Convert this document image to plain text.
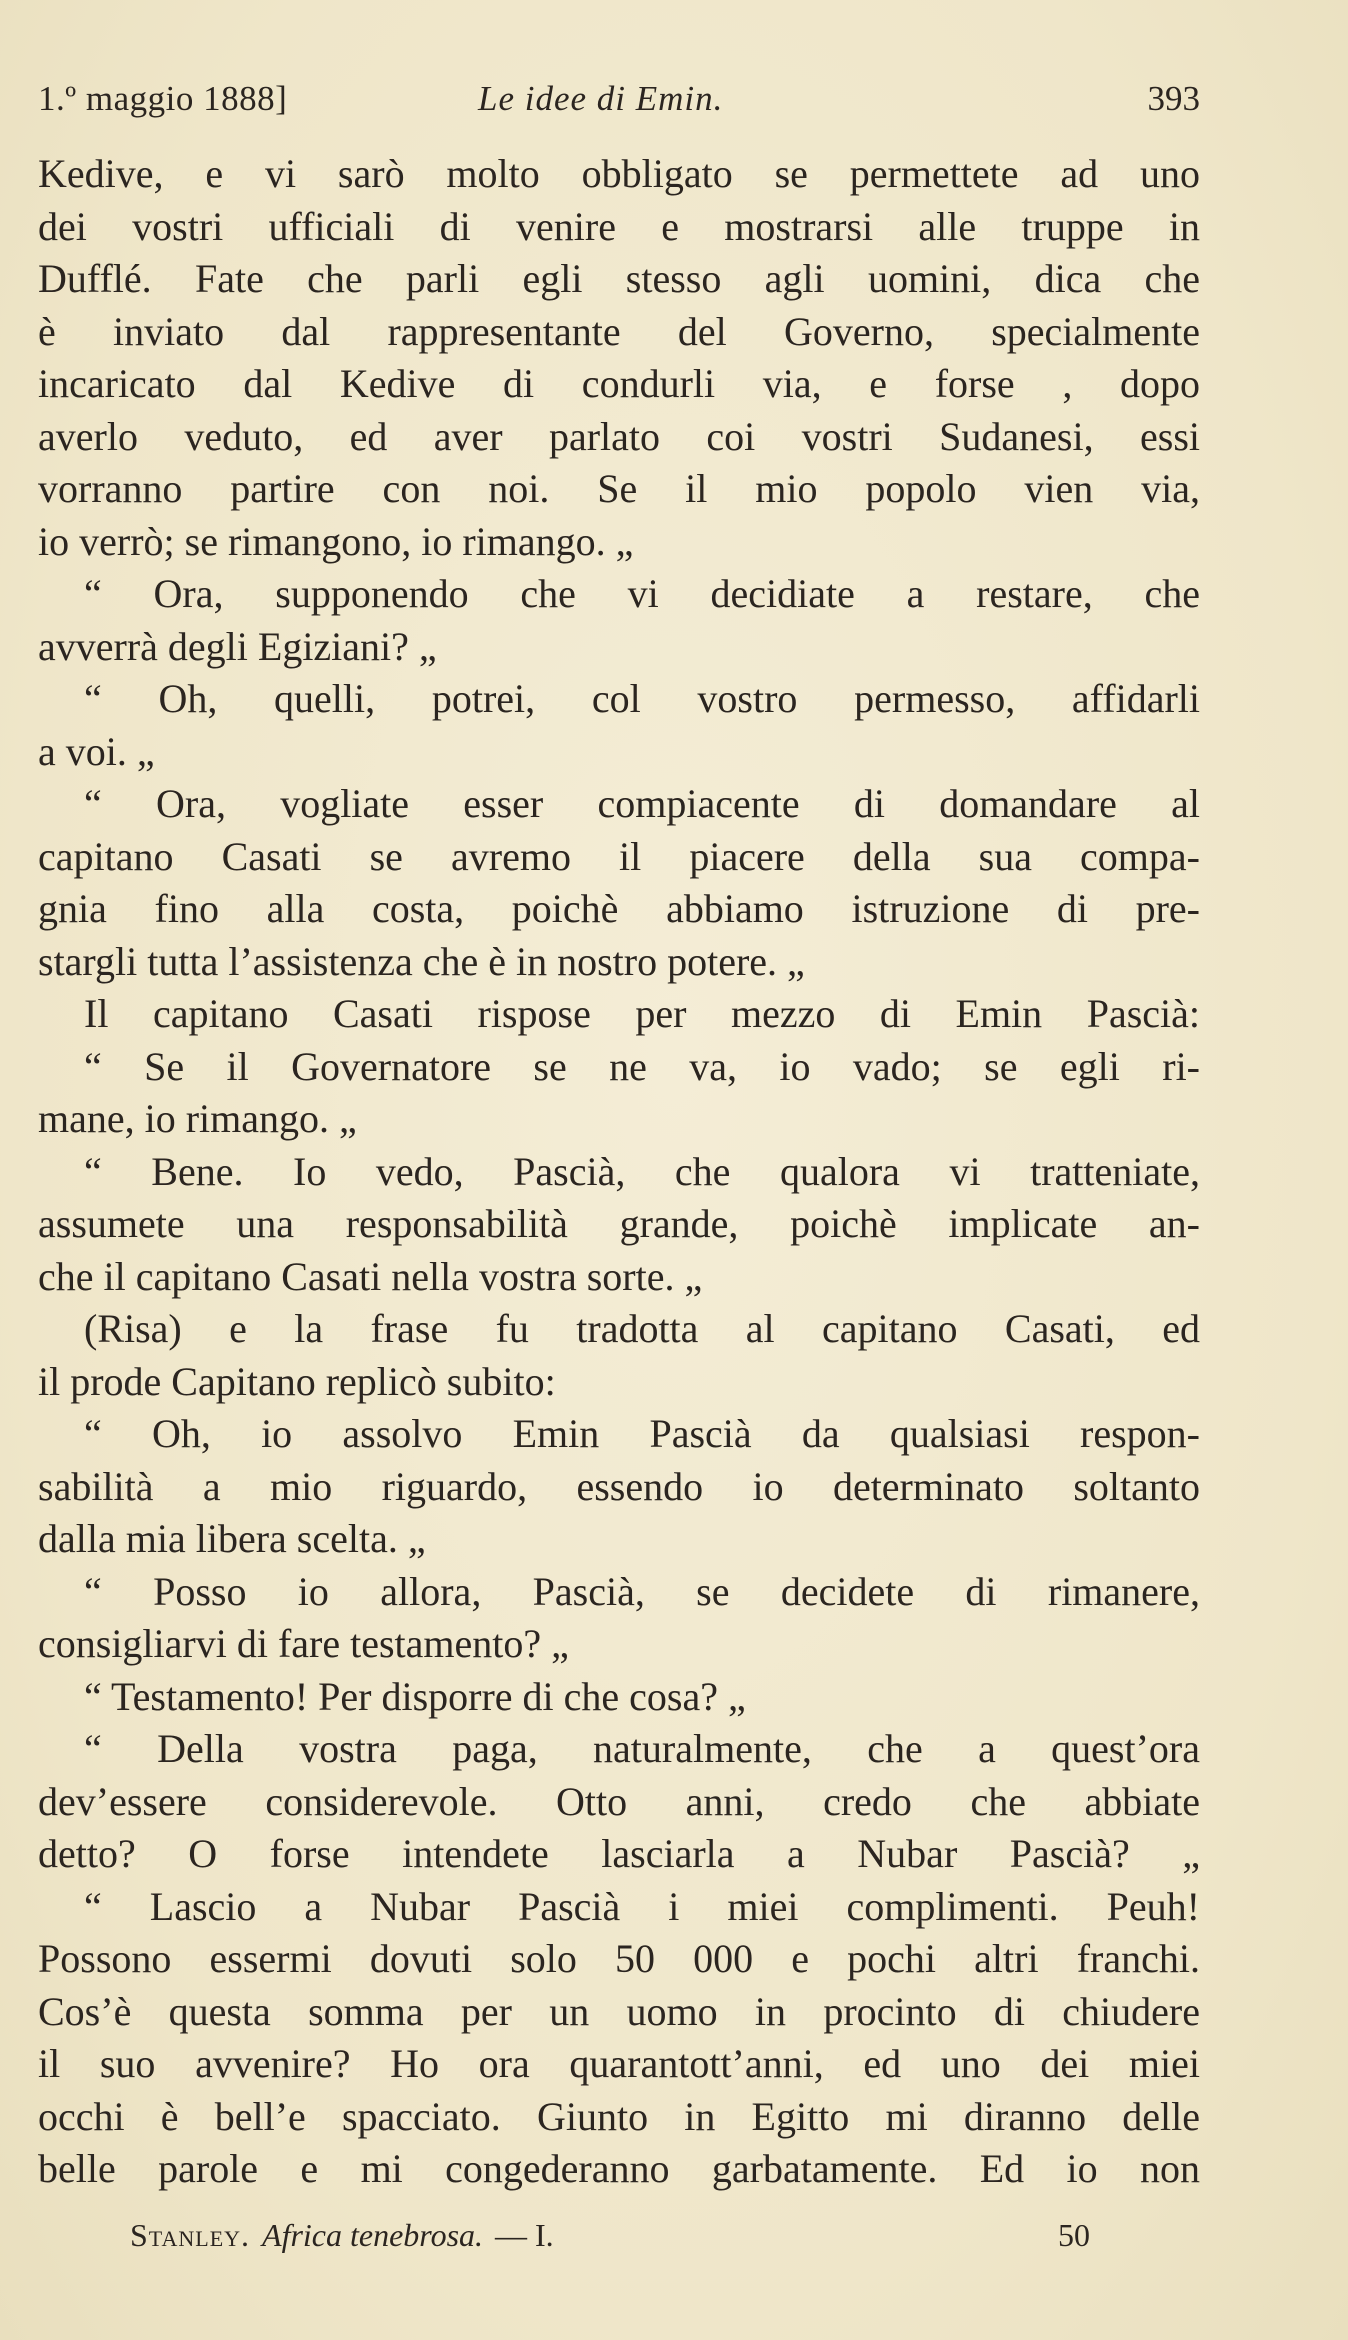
1.º maggio 1888]	Le idee di Emin.	393
Kedive, e vi sarò molto obbligato se permettete ad uno
dei vostri ufficiali di venire e mostrarsi alle truppe in
Dufflé. Fate che parli egli stesso agli uomini, dica che
è inviato dal rappresentante del Governo, specialmente
incaricato dal Kedive di condurli via, e forse , dopo
averlo veduto, ed aver parlato coi vostri Sudanesi, essi
vorranno partire con noi. Se il mio popolo vien via,
io verrò; se rimangono, io rimango. „
“ Ora, supponendo che vi decidiate a restare, che
avverrà degli Egiziani? „
“ Oh, quelli, potrei, col vostro permesso, affidarli
a voi. „
“ Ora, vogliate esser compiacente di domandare al
capitano Casati se avremo il piacere della sua compa-
gnia fino alla costa, poichè abbiamo istruzione di pre-
stargli tutta l’assistenza che è in nostro potere. „
Il capitano Casati rispose per mezzo di Emin Pascià:
“ Se il Governatore se ne va, io vado; se egli ri-
mane, io rimango. „
“ Bene. Io vedo, Pascià, che qualora vi tratteniate,
assumete una responsabilità grande, poichè implicate an-
che il capitano Casati nella vostra sorte. „
(Risa) e la frase fu tradotta al capitano Casati, ed
il prode Capitano replicò subito:
“ Oh, io assolvo Emin Pascià da qualsiasi respon-
sabilità a mio riguardo, essendo io determinato soltanto
dalla mia libera scelta. „
“ Posso io allora, Pascià, se decidete di rimanere,
consigliarvi di fare testamento? „
“ Testamento! Per disporre di che cosa? „
“ Della vostra paga, naturalmente, che a quest’ora
dev’essere considerevole. Otto anni, credo che abbiate
detto? O forse intendete lasciarla a Nubar Pascià? „
“ Lascio a Nubar Pascià i miei complimenti. Peuh!
Possono essermi dovuti solo 50 000 e pochi altri franchi.
Cos’è questa somma per un uomo in procinto di chiudere
il suo avvenire? Ho ora quarantott’anni, ed uno dei miei
occhi è bell’e spacciato. Giunto in Egitto mi diranno delle
belle parole e mi congederanno garbatamente. Ed io non
Stanley. Africa tenebrosa. — I.	50
